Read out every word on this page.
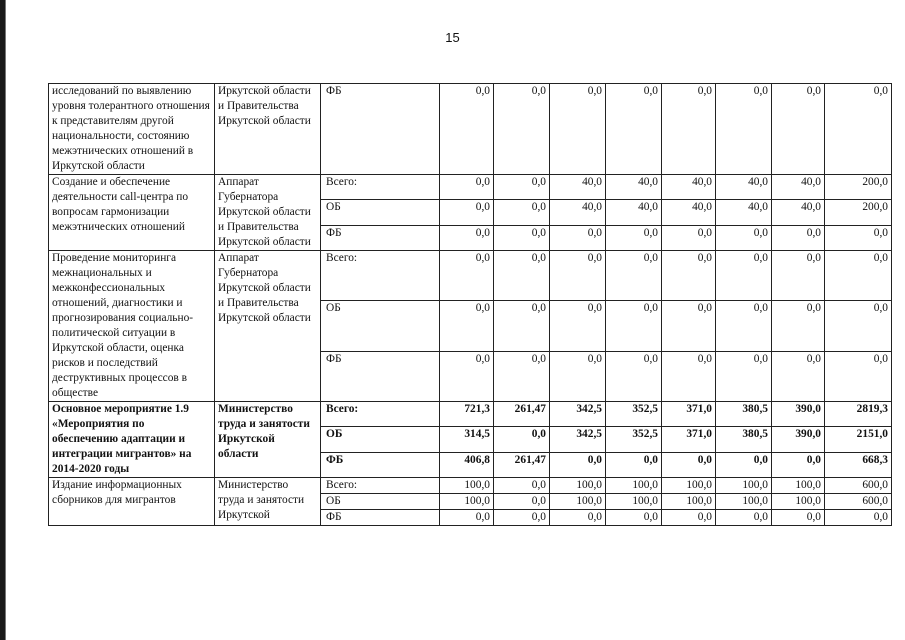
15
исследований по выявлению уровня толерантного отношения к представителям другой национальности, состоянию межэтнических отношений в Иркутской области	Иркутской области и Правительства Иркутской области	ФБ	0,0	0,0	0,0	0,0	0,0	0,0	0,0	0,0

Создание и обеспечение деятельности call-центра по вопросам гармонизации межэтнических отношений	Аппарат Губернатора Иркутской области и Правительства Иркутской области	Всего:	0,0	0,0	40,0	40,0	40,0	40,0	40,0	200,0
		ОБ	0,0	0,0	40,0	40,0	40,0	40,0	40,0	200,0
		ФБ	0,0	0,0	0,0	0,0	0,0	0,0	0,0	0,0

Проведение мониторинга межнациональных и межконфессиональных отношений, диагностики и прогнозирования социально-политической ситуации в Иркутской области, оценка рисков и последствий деструктивных процессов в обществе	Аппарат Губернатора Иркутской области и Правительства Иркутской области	Всего:	0,0	0,0	0,0	0,0	0,0	0,0	0,0	0,0
		ОБ	0,0	0,0	0,0	0,0	0,0	0,0	0,0	0,0
		ФБ	0,0	0,0	0,0	0,0	0,0	0,0	0,0	0,0

Основное мероприятие 1.9 «Мероприятия по обеспечению адаптации и интеграции мигрантов» на 2014-2020 годы	Министерство труда и занятости Иркутской области	Всего:	721,3	261,47	342,5	352,5	371,0	380,5	390,0	2819,3
		ОБ	314,5	0,0	342,5	352,5	371,0	380,5	390,0	2151,0
		ФБ	406,8	261,47	0,0	0,0	0,0	0,0	0,0	668,3

Издание информационных сборников для мигрантов	Министерство труда и занятости Иркутской	Всего:	100,0	0,0	100,0	100,0	100,0	100,0	100,0	600,0
		ОБ	100,0	0,0	100,0	100,0	100,0	100,0	100,0	600,0
		ФБ	0,0	0,0	0,0	0,0	0,0	0,0	0,0	0,0
